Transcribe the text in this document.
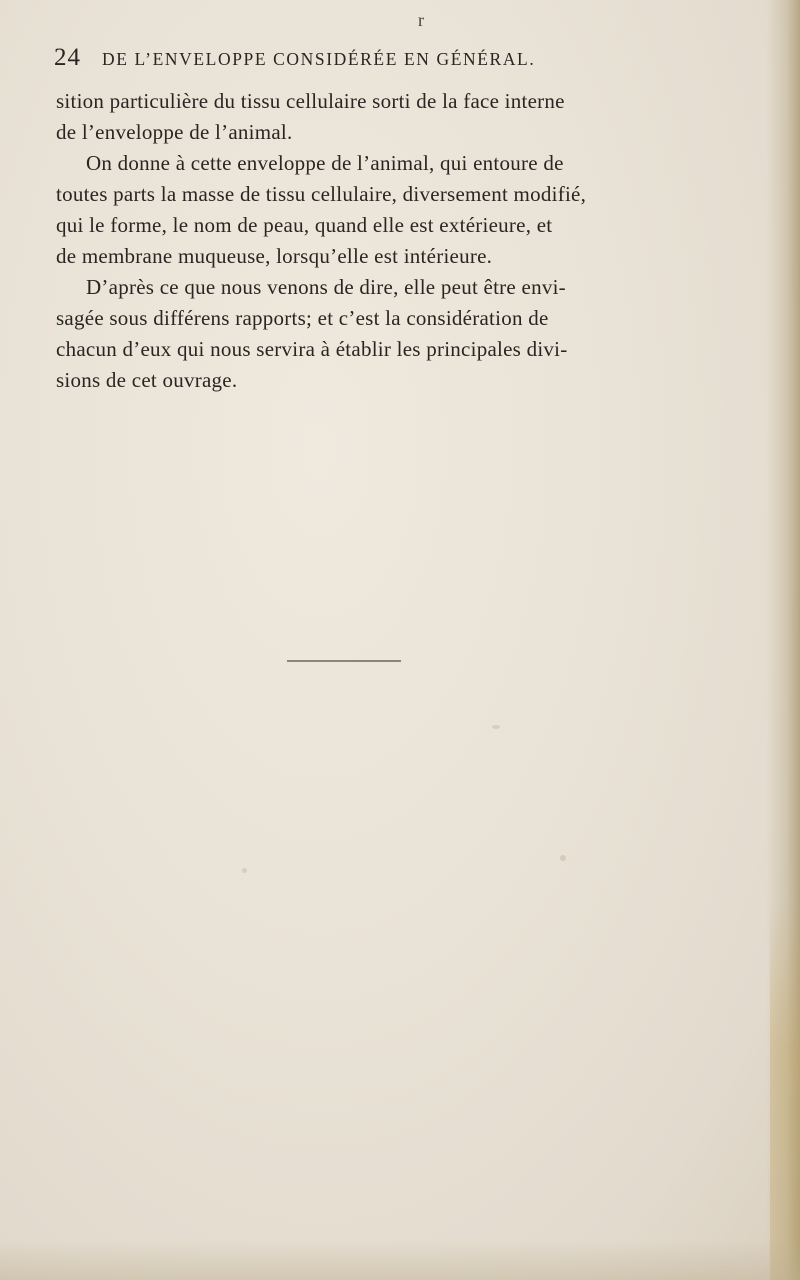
24 DE L’ENVELOPPE CONSIDÉRÉE EN GÉNÉRAL.
r
sition particulière du tissu cellulaire sorti de la face interne
de l’enveloppe de l’animal.
On donne à cette enveloppe de l’animal, qui entoure de
toutes parts la masse de tissu cellulaire, diversement modifié,
qui le forme, le nom de peau, quand elle est extérieure, et
de membrane muqueuse, lorsqu’elle est intérieure.
D’après ce que nous venons de dire, elle peut être envi-
sagée sous différens rapports; et c’est la considération de
chacun d’eux qui nous servira à établir les principales divi-
sions de cet ouvrage.
